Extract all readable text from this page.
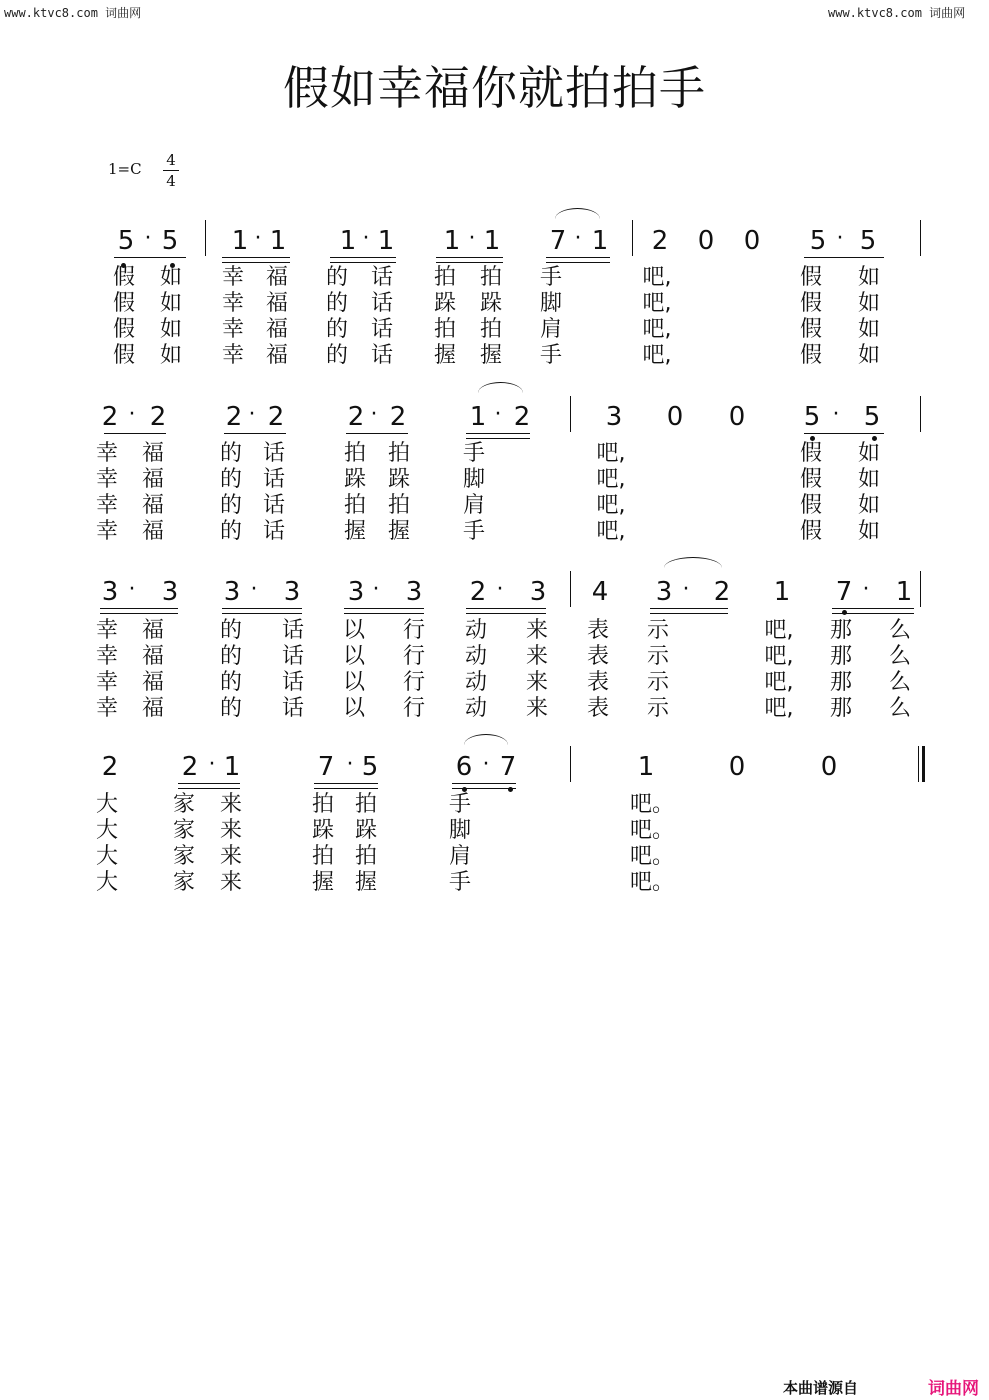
www.ktvc8.com 词曲网	www.ktvc8.com 词曲网
假如幸福你就拍拍手
1=C	4
4
5 · 5 1 · 1 1 · 1 1 · 1 7 · 1 2 0 0 5 · 5
假 如 幸 福 的 话 拍 拍 手	吧,	假 如
假 如 幸 福 的 话 跺 跺 脚	吧,	假 如
假 如 幸 福 的 话 拍 拍 肩	吧,	假 如
假 如 幸 福 的 话 握 握 手	吧,	假 如
2 · 2 2 · 2 2 · 2 1 · 2	3 0 0 5 · 5
幸 福	的 话	拍 拍 手	吧,	假 如
幸 福	的 话	跺 跺 脚	吧,	假 如
幸 福	的 话	拍 拍 肩	吧,	假 如
幸 福	的 话	握 握 手	吧,	假 如
3 · 3 3 · 3 3 · 3 2 · 3 4 3 · 2 1 7 · 1
幸 福	的 话 以 行 动 来 表 示	吧, 那 么
幸 福	的 话 以 行 动 来 表 示	吧, 那 么
幸 福	的 话 以 行 动 来 表 示	吧, 那 么
幸 福	的 话 以 行 动 来 表 示	吧, 那 么
2 2 · 1	7 · 5	6 · 7	1	0	0
大 家 来	拍 拍	手	吧。
大 家 来	跺 跺	脚	吧。
大 家 来	拍 拍	肩	吧。
大 家 来	握 握	手	吧。
本曲谱源自	词曲网
